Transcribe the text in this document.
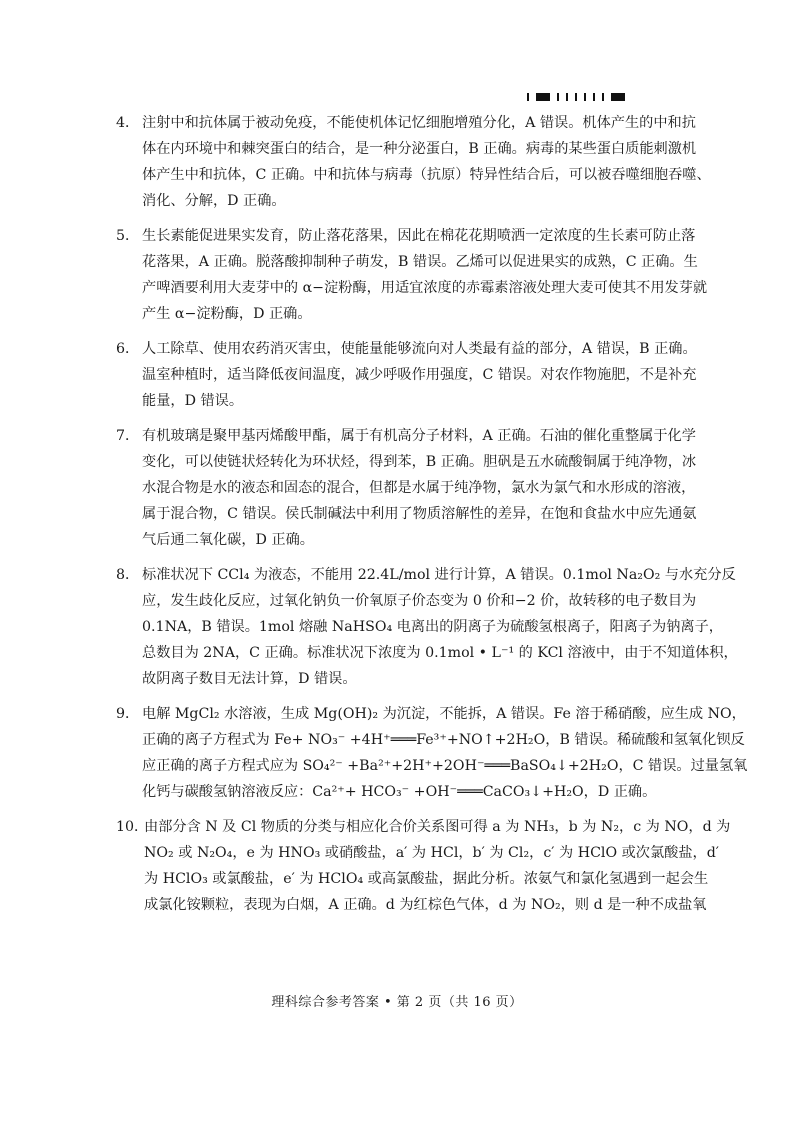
4． 注射中和抗体属于被动免疫，不能使机体记忆细胞增殖分化，A 错误。机体产生的中和抗
体在内环境中和棘突蛋白的结合，是一种分泌蛋白，B 正确。病毒的某些蛋白质能刺激机
体产生中和抗体，C 正确。中和抗体与病毒（抗原）特异性结合后，可以被吞噬细胞吞噬、
消化、分解，D 正确。
5． 生长素能促进果实发育，防止落花落果，因此在棉花花期喷洒一定浓度的生长素可防止落
花落果，A 正确。脱落酸抑制种子萌发，B 错误。乙烯可以促进果实的成熟，C 正确。生
产啤酒要利用大麦芽中的 α−淀粉酶，用适宜浓度的赤霉素溶液处理大麦可使其不用发芽就
产生 α−淀粉酶，D 正确。
6． 人工除草、使用农药消灭害虫，使能量能够流向对人类最有益的部分，A 错误，B 正确。
温室种植时，适当降低夜间温度，减少呼吸作用强度，C 错误。对农作物施肥，不是补充
能量，D 错误。
7． 有机玻璃是聚甲基丙烯酸甲酯，属于有机高分子材料，A 正确。石油的催化重整属于化学
变化，可以使链状烃转化为环状烃，得到苯，B 正确。胆矾是五水硫酸铜属于纯净物，冰
水混合物是水的液态和固态的混合，但都是水属于纯净物，氯水为氯气和水形成的溶液，
属于混合物，C 错误。侯氏制碱法中利用了物质溶解性的差异，在饱和食盐水中应先通氨
气后通二氧化碳，D 正确。
8． 标准状况下 CCl₄ 为液态，不能用 22.4L/mol 进行计算，A 错误。0.1mol Na₂O₂ 与水充分反
应，发生歧化反应，过氧化钠负一价氧原子价态变为 0 价和−2 价，故转移的电子数目为
0.1NA，B 错误。1mol 熔融 NaHSO₄ 电离出的阴离子为硫酸氢根离子，阳离子为钠离子，
总数目为 2NA，C 正确。标准状况下浓度为 0.1mol • L⁻¹ 的 KCl 溶液中，由于不知道体积，
故阴离子数目无法计算，D 错误。
9． 电解 MgCl₂ 水溶液，生成 Mg(OH)₂ 为沉淀，不能拆，A 错误。Fe 溶于稀硝酸，应生成 NO，
正确的离子方程式为 Fe+ NO₃⁻ +4H⁺═══Fe³⁺+NO↑+2H₂O，B 错误。稀硫酸和氢氧化钡反
应正确的离子方程式应为 SO₄²⁻ +Ba²⁺+2H⁺+2OH⁻═══BaSO₄↓+2H₂O，C 错误。过量氢氧
化钙与碳酸氢钠溶液反应：Ca²⁺+ HCO₃⁻ +OH⁻═══CaCO₃↓+H₂O，D 正确。
10．
由部分含 N 及 Cl 物质的分类与相应化合价关系图可得 a 为 NH₃，b 为 N₂，c 为 NO，d 为
NO₂ 或 N₂O₄，e 为 HNO₃ 或硝酸盐，a′ 为 HCl，b′ 为 Cl₂，c′ 为 HClO 或次氯酸盐，d′
为 HClO₃ 或氯酸盐，e′ 为 HClO₄ 或高氯酸盐，据此分析。浓氨气和氯化氢遇到一起会生
成氯化铵颗粒，表现为白烟，A 正确。d 为红棕色气体，d 为 NO₂，则 d 是一种不成盐氧
理科综合参考答案 • 第 2 页（共 16 页）
